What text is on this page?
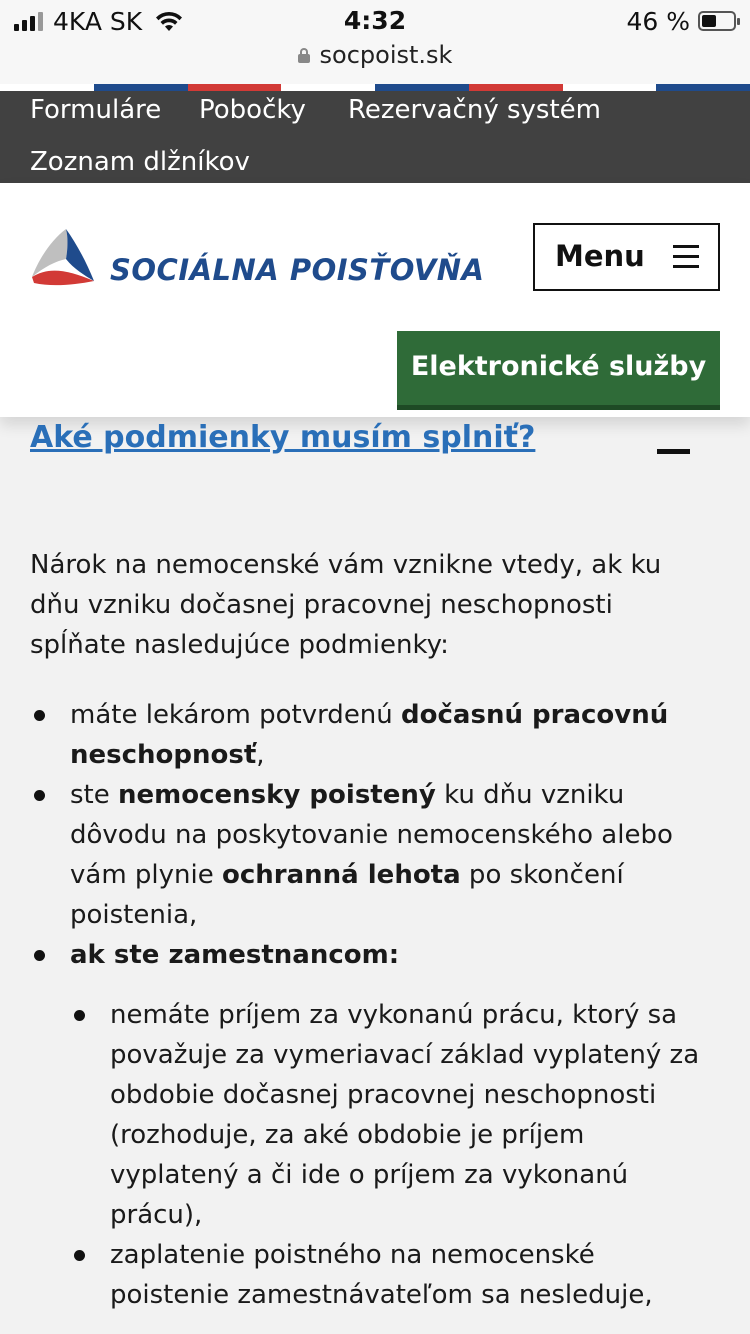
4KA SK	4:32	46 %
socpoist.sk
Formuláre Pobočky Rezervačný systém
Zoznam dlžníkov
SOCIÁLNA POISŤOVŇA Menu
Elektronické služby
Aké podmienky musím splniť?

Nárok na nemocenské vám vznikne vtedy, ak ku dňu vzniku dočasnej pracovnej neschopnosti spĺňate nasledujúce podmienky:

máte lekárom potvrdenú dočasnú pracovnú neschopnosť,
ste nemocensky poistený ku dňu vzniku dôvodu na poskytovanie nemocenského alebo vám plynie ochranná lehota po skončení poistenia,
ak ste zamestnancom:
nemáte príjem za vykonanú prácu, ktorý sa považuje za vymeriavací základ vyplatený za obdobie dočasnej pracovnej neschopnosti (rozhoduje, za aké obdobie je príjem vyplatený a či ide o príjem za vykonanú prácu),
zaplatenie poistného na nemocenské poistenie zamestnávateľom sa nesleduje,
